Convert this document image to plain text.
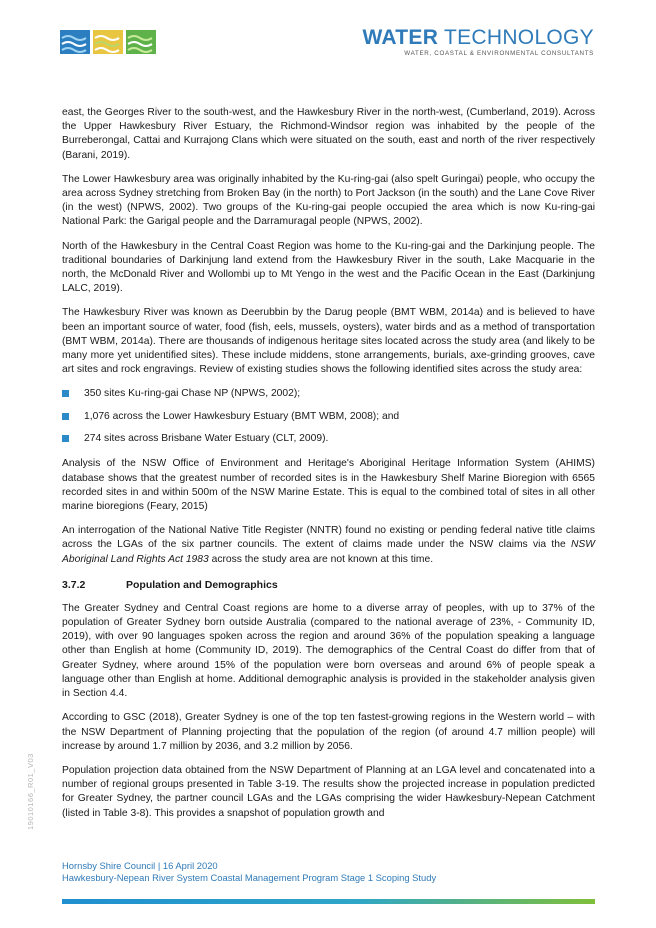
WATER TECHNOLOGY
WATER, COASTAL & ENVIRONMENTAL CONSULTANTS

east, the Georges River to the south-west, and the Hawkesbury River in the north-west, (Cumberland, 2019). Across the Upper Hawkesbury River Estuary, the Richmond-Windsor region was inhabited by the people of the Burreberongal, Cattai and Kurrajong Clans which were situated on the south, east and north of the river respectively (Barani, 2019).

The Lower Hawkesbury area was originally inhabited by the Ku-ring-gai (also spelt Guringai) people, who occupy the area across Sydney stretching from Broken Bay (in the north) to Port Jackson (in the south) and the Lane Cove River (in the west) (NPWS, 2002). Two groups of the Ku-ring-gai people occupied the area which is now Ku-ring-gai National Park: the Garigal people and the Darramuragal people (NPWS, 2002).

North of the Hawkesbury in the Central Coast Region was home to the Ku-ring-gai and the Darkinjung people. The traditional boundaries of Darkinjung land extend from the Hawkesbury River in the south, Lake Macquarie in the north, the McDonald River and Wollombi up to Mt Yengo in the west and the Pacific Ocean in the East (Darkinjung LALC, 2019).

The Hawkesbury River was known as Deerubbin by the Darug people (BMT WBM, 2014a) and is believed to have been an important source of water, food (fish, eels, mussels, oysters), water birds and as a method of transportation (BMT WBM, 2014a). There are thousands of indigenous heritage sites located across the study area (and likely to be many more yet unidentified sites). These include middens, stone arrangements, burials, axe-grinding grooves, cave art sites and rock engravings. Review of existing studies shows the following identified sites across the study area:

350 sites Ku-ring-gai Chase NP (NPWS, 2002);
1,076 across the Lower Hawkesbury Estuary (BMT WBM, 2008); and
274 sites across Brisbane Water Estuary (CLT, 2009).

Analysis of the NSW Office of Environment and Heritage's Aboriginal Heritage Information System (AHIMS) database shows that the greatest number of recorded sites is in the Hawkesbury Shelf Marine Bioregion with 6565 recorded sites in and within 500m of the NSW Marine Estate. This is equal to the combined total of sites in all other marine bioregions (Feary, 2015)

An interrogation of the National Native Title Register (NNTR) found no existing or pending federal native title claims across the LGAs of the six partner councils. The extent of claims made under the NSW claims via the NSW Aboriginal Land Rights Act 1983 across the study area are not known at this time.

3.7.2	Population and Demographics

The Greater Sydney and Central Coast regions are home to a diverse array of peoples, with up to 37% of the population of Greater Sydney born outside Australia (compared to the national average of 23%, - Community ID, 2019), with over 90 languages spoken across the region and around 36% of the population speaking a language other than English at home (Community ID, 2019). The demographics of the Central Coast do differ from that of Greater Sydney, where around 15% of the population were born overseas and around 6% of people speak a language other than English at home. Additional demographic analysis is provided in the stakeholder analysis given in Section 4.4.

According to GSC (2018), Greater Sydney is one of the top ten fastest-growing regions in the Western world – with the NSW Department of Planning projecting that the population of the region (of around 4.7 million people) will increase by around 1.7 million by 2036, and 3.2 million by 2056.

Population projection data obtained from the NSW Department of Planning at an LGA level and concatenated into a number of regional groups presented in Table 3-19. The results show the projected increase in population predicted for Greater Sydney, the partner council LGAs and the LGAs comprising the wider Hawkesbury-Nepean Catchment (listed in Table 3-8). This provides a snapshot of population growth and

19010166_R01_V03
Hornsby Shire Council | 16 April 2020
Hawkesbury-Nepean River System Coastal Management Program Stage 1 Scoping Study
